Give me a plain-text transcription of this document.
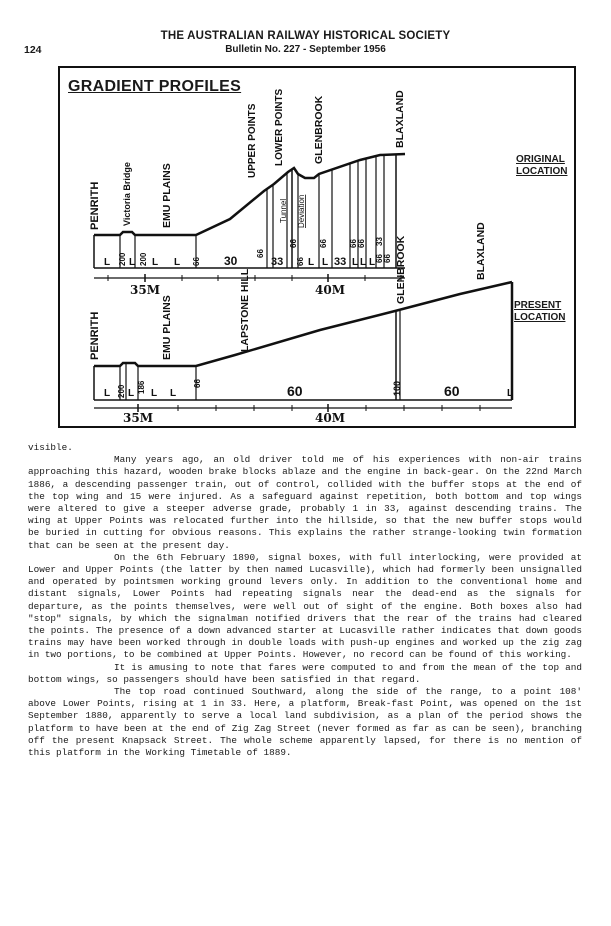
THE AUSTRALIAN RAILWAY HISTORICAL SOCIETY
124	Bulletin No. 227 - September 1956
GRADIENT PROFILES
PENRITH Victoria Bridge	EMU PLAINS
UPPER POINTS LOWER POINTS	GLENBROOK	BLAXLAND
Tunnel Deviation
L 200 L 200 L L 66 30
66
33
66
66 L
66
L 33 L
66
L
66
L 66
33
66
35M	40M
PENRITH	EMU PLAINS	LAPSTONE HILL	GLENBROOK	BLAXLAND
L 200 L 186 L L
66	60	100	60	L
35M	40M
ORIGINAL
LOCATION
PRESENT
LOCATION

visible.

Many years ago, an old driver told me of his experiences with non-air trains approaching this hazard, wooden brake blocks ablaze and the engine in back-gear. On the 22nd March 1886, a descending passenger train, out of control, collided with the buffer stops at the end of the top wing and 15 were injured. As a safeguard against repetition, both bottom and top wings were altered to give a steeper adverse grade, probably 1 in 33, against descending trains. The wing at Upper Points was relocated further into the hillside, so that the new buffer stops would be buried in cutting for obvious reasons. This explains the rather strange-looking twin formation that can be seen at the present day.

On the 6th February 1890, signal boxes, with full interlocking, were provided at Lower and Upper Points (the latter by then named Lucasville), which had formerly been unsignalled and operated by pointsmen working ground levers only. In addition to the conventional home and distant signals, Lower Points had repeating signals near the dead-end as the signals for departure, as the points themselves, were well out of sight of the engine. Both boxes also had "stop" signals, by which the signalman notified drivers that the rear of the trains had cleared the points. The presence of a down advanced starter at Lucasville rather indicates that down goods trains may have been worked through in double loads with push-up engines and worked up the zig zag in two portions, to be combined at Upper Points. However, no record can be found of this working.

It is amusing to note that fares were computed to and from the mean of the top and bottom wings, so passengers should have been satisfied in that regard.

The top road continued Southward, along the side of the range, to a point 108' above Lower Points, rising at 1 in 33. Here, a platform, Break-fast Point, was opened on the 1st September 1880, apparently to serve a local land subdivision, as a plan of the period shows the platform to have been at the end of Zig Zag Street (never formed as far as can be seen), branching off the present Knapsack Street. The whole scheme apparently lapsed, for there is no mention of this platform in the Working Timetable of 1889.
